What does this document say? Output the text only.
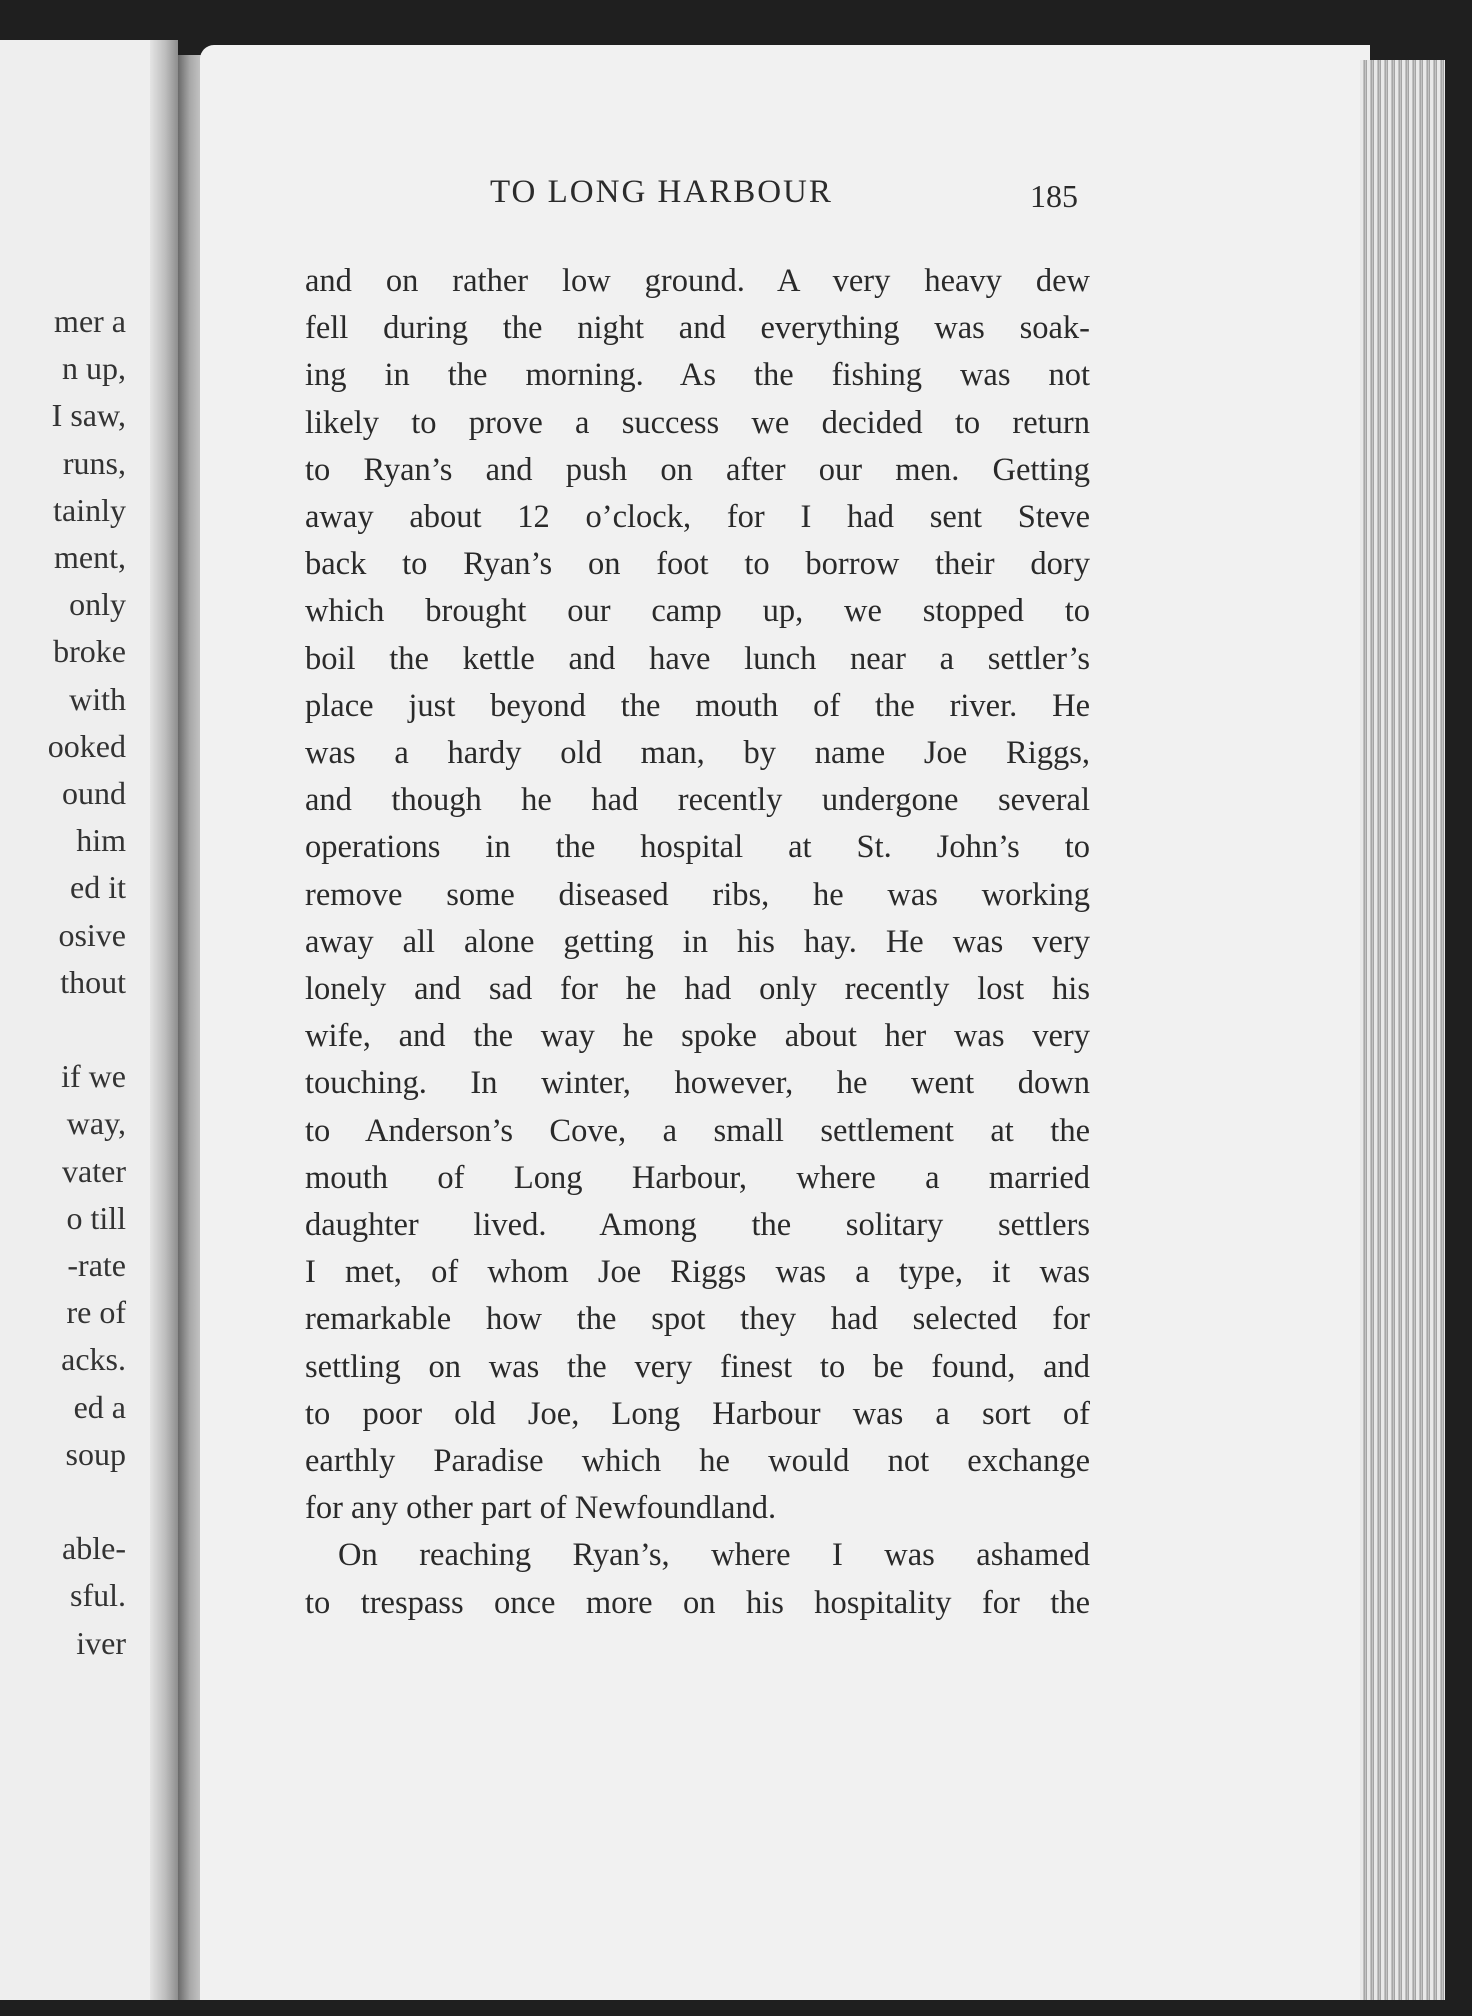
mer a
n up,
I saw,
runs,
tainly
ment,
only
broke
with
ooked
ound
him
ed it
osive
thout
if we
way,
vater
o till
-rate
re of
acks.
ed a
soup
able-
sful.
iver
TO LONG HARBOUR	185
and on rather low ground. A very heavy dew
fell during the night and everything was soak-
ing in the morning. As the fishing was not
likely to prove a success we decided to return
to Ryan’s and push on after our men. Getting
away about 12 o’clock, for I had sent Steve
back to Ryan’s on foot to borrow their dory
which brought our camp up, we stopped to
boil the kettle and have lunch near a settler’s
place just beyond the mouth of the river. He
was a hardy old man, by name Joe Riggs,
and though he had recently undergone several
operations in the hospital at St. John’s to
remove some diseased ribs, he was working
away all alone getting in his hay. He was very
lonely and sad for he had only recently lost his
wife, and the way he spoke about her was very
touching. In winter, however, he went down
to Anderson’s Cove, a small settlement at the
mouth of Long Harbour, where a married
daughter lived. Among the solitary settlers
I met, of whom Joe Riggs was a type, it was
remarkable how the spot they had selected for
settling on was the very finest to be found, and
to poor old Joe, Long Harbour was a sort of
earthly Paradise which he would not exchange
for any other part of Newfoundland.
On reaching Ryan’s, where I was ashamed
to trespass once more on his hospitality for the
